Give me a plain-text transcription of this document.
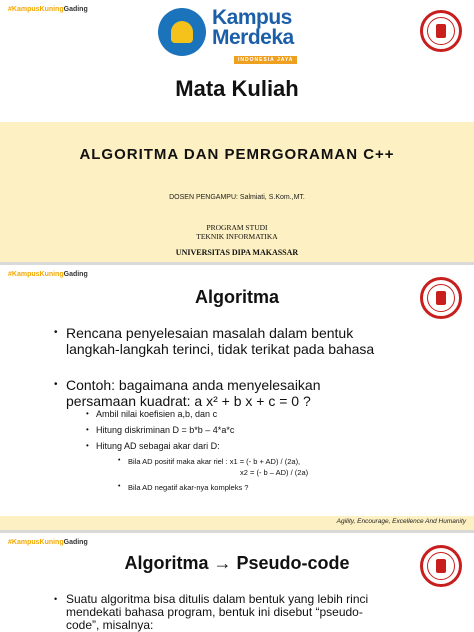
#KampusKuningGading	Kampus Merdeka
INDONESIA JAYA
Mata Kuliah
ALGORITMA DAN PEMRGORAMAN C++
DOSEN PENGAMPU: Salmiati, S.Kom.,MT.
PROGRAM STUDI
TEKNIK INFORMATIKA
UNIVERSITAS DIPA MAKASSAR
#KampusKuningGading
Algoritma
• Rencana penyelesaian masalah dalam bentuk langkah-langkah terinci, tidak terikat pada bahasa
• Contoh: bagaimana anda menyelesaikan persamaan kuadrat: a x² + b x + c = 0 ?
• Ambil nilai koefisien a,b, dan c
• Hitung diskriminan D = b*b – 4*a*c
• Hitung AD sebagai akar dari D:
• Bila AD positif maka akar riel : x1 = (- b + AD) / (2a),
x2 = (- b – AD) / (2a)
• Bila AD negatif akar-nya kompleks ?
Agility, Encourage, Excellence And Humanity
#KampusKuningGading
Algoritma → Pseudo-code
• Suatu algoritma bisa ditulis dalam bentuk yang lebih rinci mendekati bahasa program, bentuk ini disebut “pseudo-code”, misalnya:
